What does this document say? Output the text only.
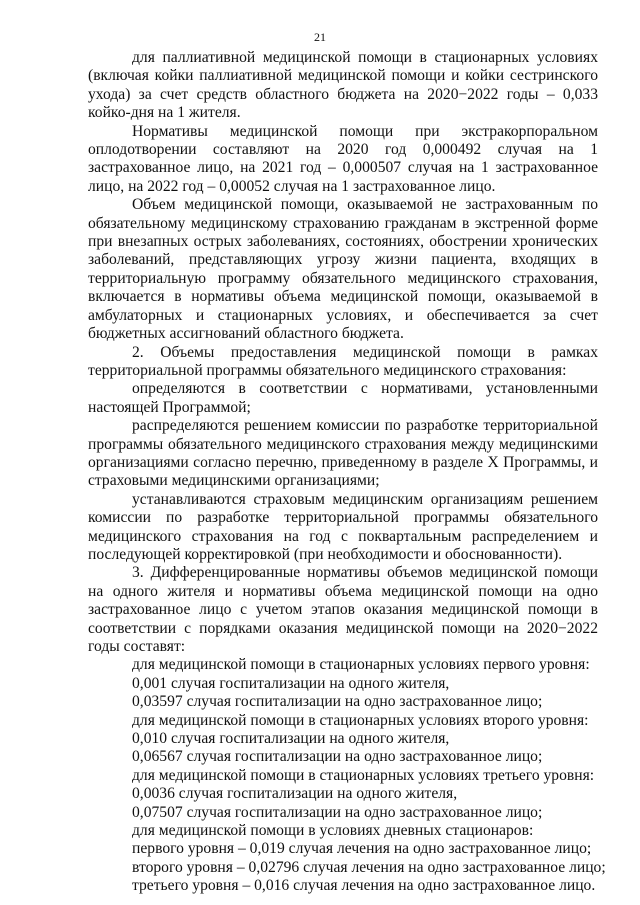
21

для паллиативной медицинской помощи в стационарных условиях (включая койки паллиативной медицинской помощи и койки сестринского ухода) за счет средств областного бюджета на 2020−2022 годы – 0,033 койко-дня на 1 жителя.

Нормативы медицинской помощи при экстракорпоральном оплодотворении составляют на 2020 год 0,000492 случая на 1 застрахованное лицо, на 2021 год – 0,000507 случая на 1 застрахованное лицо, на 2022 год – 0,00052 случая на 1 застрахованное лицо.

Объем медицинской помощи, оказываемой не застрахованным по обязательному медицинскому страхованию гражданам в экстренной форме при внезапных острых заболеваниях, состояниях, обострении хронических заболеваний, представляющих угрозу жизни пациента, входящих в территориальную программу обязательного медицинского страхования, включается в нормативы объема медицинской помощи, оказываемой в амбулаторных и стационарных условиях, и обеспечивается за счет бюджетных ассигнований областного бюджета.

2. Объемы предоставления медицинской помощи в рамках территориальной программы обязательного медицинского страхования:

определяются в соответствии с нормативами, установленными настоящей Программой;

распределяются решением комиссии по разработке территориальной программы обязательного медицинского страхования между медицинскими организациями согласно перечню, приведенному в разделе X Программы, и страховыми медицинскими организациями;

устанавливаются страховым медицинским организациям решением комиссии по разработке территориальной программы обязательного медицинского страхования на год с поквартальным распределением и последующей корректировкой (при необходимости и обоснованности).

3. Дифференцированные нормативы объемов медицинской помощи на одного жителя и нормативы объема медицинской помощи на одно застрахованное лицо с учетом этапов оказания медицинской помощи в соответствии с порядками оказания медицинской помощи на 2020−2022 годы составят:

для медицинской помощи в стационарных условиях первого уровня:

0,001 случая госпитализации на одного жителя,

0,03597 случая госпитализации на одно застрахованное лицо;

для медицинской помощи в стационарных условиях второго уровня:

0,010 случая госпитализации на одного жителя,

0,06567 случая госпитализации на одно застрахованное лицо;

для медицинской помощи в стационарных условиях третьего уровня:

0,0036 случая госпитализации на одного жителя,

0,07507 случая госпитализации на одно застрахованное лицо;

для медицинской помощи в условиях дневных стационаров:

первого уровня – 0,019 случая лечения на одно застрахованное лицо;

второго уровня – 0,02796 случая лечения на одно застрахованное лицо;

третьего уровня – 0,016 случая лечения на одно застрахованное лицо.
